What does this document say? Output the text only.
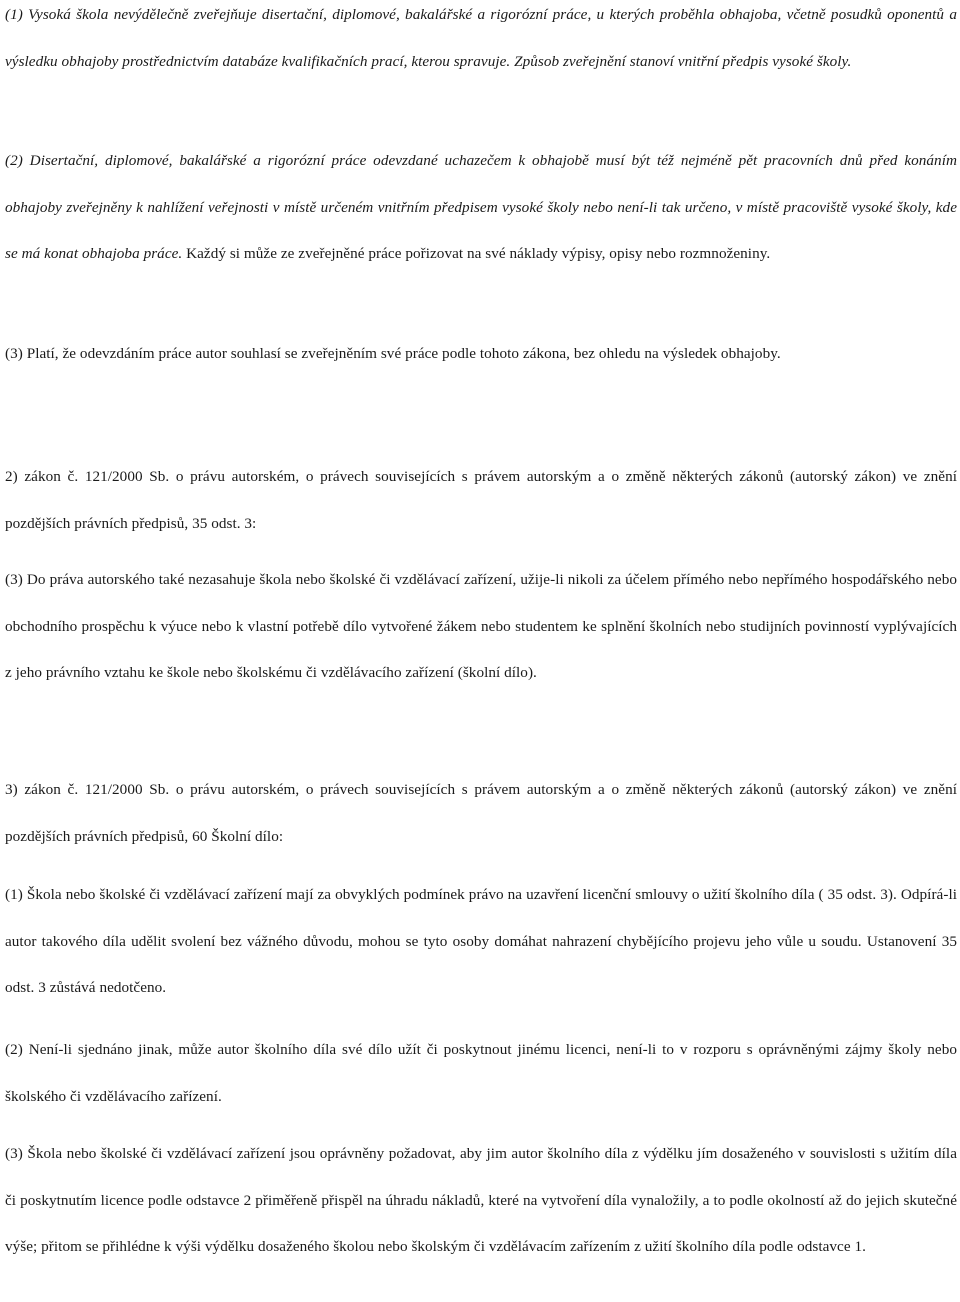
(1) Vysoká škola nevýdělečně zveřejňuje disertační, diplomové, bakalářské a rigorózní práce, u kterých proběhla obhajoba, včetně posudků oponentů a výsledku obhajoby prostřednictvím databáze kvalifikačních prací, kterou spravuje. Způsob zveřejnění stanoví vnitřní předpis vysoké školy.

(2) Disertační, diplomové, bakalářské a rigorózní práce odevzdané uchazečem k obhajobě musí být též nejméně pět pracovních dnů před konáním obhajoby zveřejněny k nahlížení veřejnosti v místě určeném vnitřním předpisem vysoké školy nebo není-li tak určeno, v místě pracoviště vysoké školy, kde se má konat obhajoba práce. Každý si může ze zveřejněné práce pořizovat na své náklady výpisy, opisy nebo rozmnoženiny.

(3) Platí, že odevzdáním práce autor souhlasí se zveřejněním své práce podle tohoto zákona, bez ohledu na výsledek obhajoby.

2) zákon č. 121/2000 Sb. o právu autorském, o právech souvisejících s právem autorským a o změně některých zákonů (autorský zákon) ve znění pozdějších právních předpisů, 35 odst. 3:

(3) Do práva autorského také nezasahuje škola nebo školské či vzdělávací zařízení, užije-li nikoli za účelem přímého nebo nepřímého hospodářského nebo obchodního prospěchu k výuce nebo k vlastní potřebě dílo vytvořené žákem nebo studentem ke splnění školních nebo studijních povinností vyplývajících z jeho právního vztahu ke škole nebo školskému či vzdělávacího zařízení (školní dílo).

3) zákon č. 121/2000 Sb. o právu autorském, o právech souvisejících s právem autorským a o změně některých zákonů (autorský zákon) ve znění pozdějších právních předpisů, 60 Školní dílo:

(1) Škola nebo školské či vzdělávací zařízení mají za obvyklých podmínek právo na uzavření licenční smlouvy o užití školního díla ( 35 odst. 3). Odpírá-li autor takového díla udělit svolení bez vážného důvodu, mohou se tyto osoby domáhat nahrazení chybějícího projevu jeho vůle u soudu. Ustanovení 35 odst. 3 zůstává nedotčeno.

(2) Není-li sjednáno jinak, může autor školního díla své dílo užít či poskytnout jinému licenci, není-li to v rozporu s oprávněnými zájmy školy nebo školského či vzdělávacího zařízení.

(3) Škola nebo školské či vzdělávací zařízení jsou oprávněny požadovat, aby jim autor školního díla z výdělku jím dosaženého v souvislosti s užitím díla či poskytnutím licence podle odstavce 2 přiměřeně přispěl na úhradu nákladů, které na vytvoření díla vynaložily, a to podle okolností až do jejich skutečné výše; přitom se přihlédne k výši výdělku dosaženého školou nebo školským či vzdělávacím zařízením z užití školního díla podle odstavce 1.
